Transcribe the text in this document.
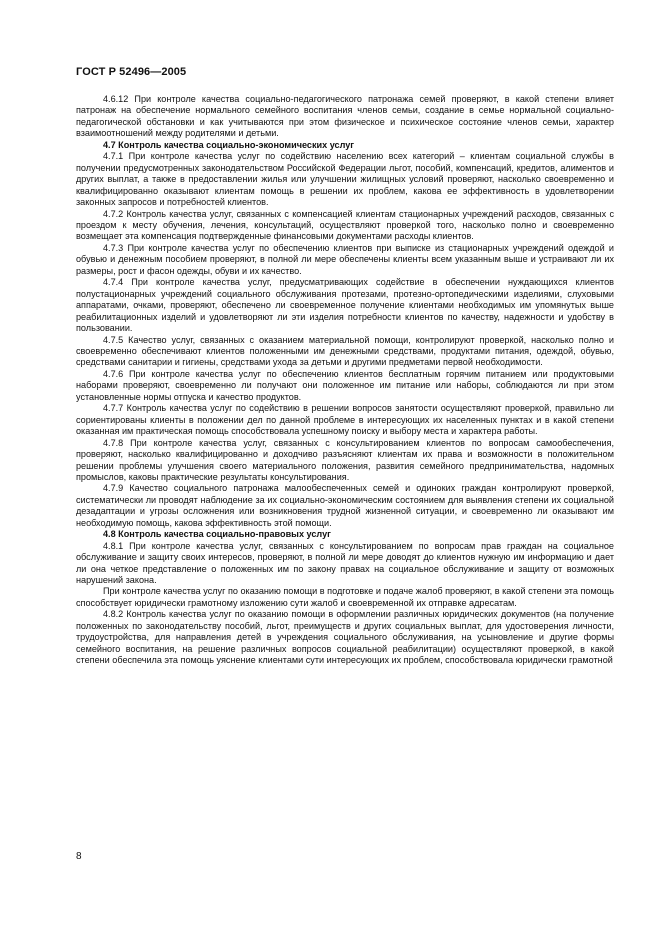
ГОСТ Р 52496—2005

4.6.12 При контроле качества социально-педагогического патронажа семей проверяют, в какой степени влияет патронаж на обеспечение нормального семейного воспитания членов семьи, создание в семье нормальной социально-педагогической обстановки и как учитываются при этом физическое и психическое состояние членов семьи, характер взаимоотношений между родителями и детьми.

4.7 Контроль качества социально-экономических услуг

4.7.1 При контроле качества услуг по содействию населению всех категорий – клиентам социальной службы в получении предусмотренных законодательством Российской Федерации льгот, пособий, компенсаций, кредитов, алиментов и других выплат, а также в предоставлении жилья или улучшении жилищных условий проверяют, насколько своевременно и квалифицированно оказывают клиентам помощь в решении их проблем, какова ее эффективность в удовлетворении законных запросов и потребностей клиентов.

4.7.2 Контроль качества услуг, связанных с компенсацией клиентам стационарных учреждений расходов, связанных с проездом к месту обучения, лечения, консультаций, осуществляют проверкой того, насколько полно и своевременно возмещает эта компенсация подтвержденные финансовыми документами расходы клиентов.

4.7.3 При контроле качества услуг по обеспечению клиентов при выписке из стационарных учреждений одеждой и обувью и денежным пособием проверяют, в полной ли мере обеспечены клиенты всем указанным выше и устраивают ли их размеры, рост и фасон одежды, обуви и их качество.

4.7.4 При контроле качества услуг, предусматривающих содействие в обеспечении нуждающихся клиентов полустационарных учреждений социального обслуживания протезами, протезно-ортопедическими изделиями, слуховыми аппаратами, очками, проверяют, обеспечено ли своевременное получение клиентами необходимых им упомянутых выше реабилитационных изделий и удовлетворяют ли эти изделия потребности клиентов по качеству, надежности и удобству в пользовании.

4.7.5 Качество услуг, связанных с оказанием материальной помощи, контролируют проверкой, насколько полно и своевременно обеспечивают клиентов положенными им денежными средствами, продуктами питания, одеждой, обувью, средствами санитарии и гигиены, средствами ухода за детьми и другими предметами первой необходимости.

4.7.6 При контроле качества услуг по обеспечению клиентов бесплатным горячим питанием или продуктовыми наборами проверяют, своевременно ли получают они положенное им питание или наборы, соблюдаются ли при этом установленные нормы отпуска и качество продуктов.

4.7.7 Контроль качества услуг по содействию в решении вопросов занятости осуществляют проверкой, правильно ли сориентированы клиенты в положении дел по данной проблеме в интересующих их населенных пунктах и в какой степени оказанная им практическая помощь способствовала успешному поиску и выбору места и характера работы.

4.7.8 При контроле качества услуг, связанных с консультированием клиентов по вопросам самообеспечения, проверяют, насколько квалифицированно и доходчиво разъясняют клиентам их права и возможности в положительном решении проблемы улучшения своего материального положения, развития семейного предпринимательства, надомных промыслов, каковы практические результаты консультирования.

4.7.9 Качество социального патронажа малообеспеченных семей и одиноких граждан контролируют проверкой, систематически ли проводят наблюдение за их социально-экономическим состоянием для выявления степени их социальной дезадаптации и угрозы осложнения или возникновения трудной жизненной ситуации, и своевременно ли оказывают им необходимую помощь, какова эффективность этой помощи.

4.8 Контроль качества социально-правовых услуг

4.8.1 При контроле качества услуг, связанных с консультированием по вопросам прав граждан на социальное обслуживание и защиту своих интересов, проверяют, в полной ли мере доводят до клиентов нужную им информацию и дает ли она четкое представление о положенных им по закону правах на социальное обслуживание и защиту от возможных нарушений закона.

При контроле качества услуг по оказанию помощи в подготовке и подаче жалоб проверяют, в какой степени эта помощь способствует юридически грамотному изложению сути жалоб и своевременной их отправке адресатам.

4.8.2 Контроль качества услуг по оказанию помощи в оформлении различных юридических документов (на получение положенных по законодательству пособий, льгот, преимуществ и других социальных выплат, для удостоверения личности, трудоустройства, для направления детей в учреждения социального обслуживания, на усыновление и другие формы семейного воспитания, на решение различных вопросов социальной реабилитации) осуществляют проверкой, в какой степени обеспечила эта помощь уяснение клиентами сути интересующих их проблем, способствовала юридически грамотной

8
